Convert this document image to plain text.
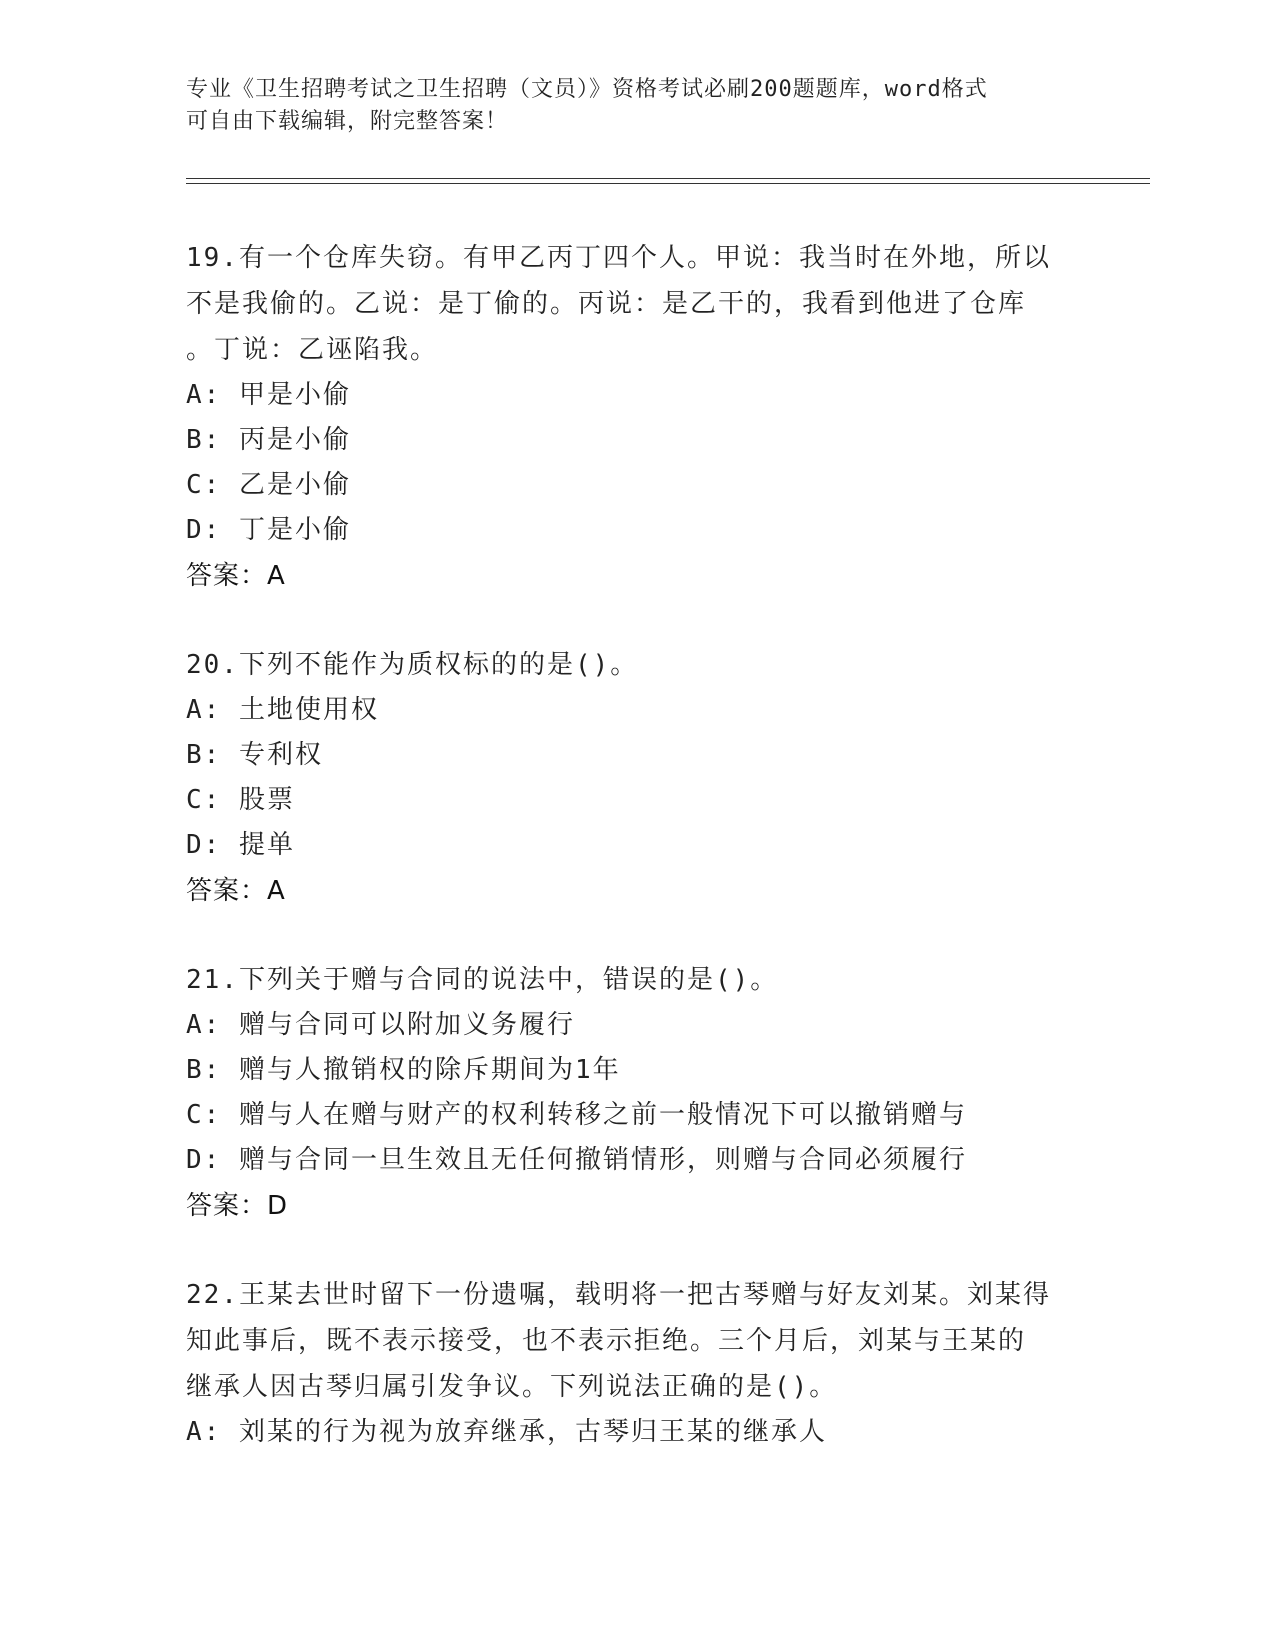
专业《卫生招聘考试之卫生招聘（文员）》资格考试必刷200题题库，word格式
可自由下载编辑，附完整答案！
19.有一个仓库失窃。有甲乙丙丁四个人。甲说：我当时在外地，所以
不是我偷的。乙说：是丁偷的。丙说：是乙干的，我看到他进了仓库
。丁说：乙诬陷我。
A: 甲是小偷
B: 丙是小偷
C: 乙是小偷
D: 丁是小偷
答案：A
20.下列不能作为质权标的的是()。
A: 土地使用权
B: 专利权
C: 股票
D: 提单
答案：A
21.下列关于赠与合同的说法中，错误的是()。
A: 赠与合同可以附加义务履行
B: 赠与人撤销权的除斥期间为1年
C: 赠与人在赠与财产的权利转移之前一般情况下可以撤销赠与
D: 赠与合同一旦生效且无任何撤销情形，则赠与合同必须履行
答案：D
22.王某去世时留下一份遗嘱，载明将一把古琴赠与好友刘某。刘某得
知此事后，既不表示接受，也不表示拒绝。三个月后，刘某与王某的
继承人因古琴归属引发争议。下列说法正确的是()。
A: 刘某的行为视为放弃继承，古琴归王某的继承人
